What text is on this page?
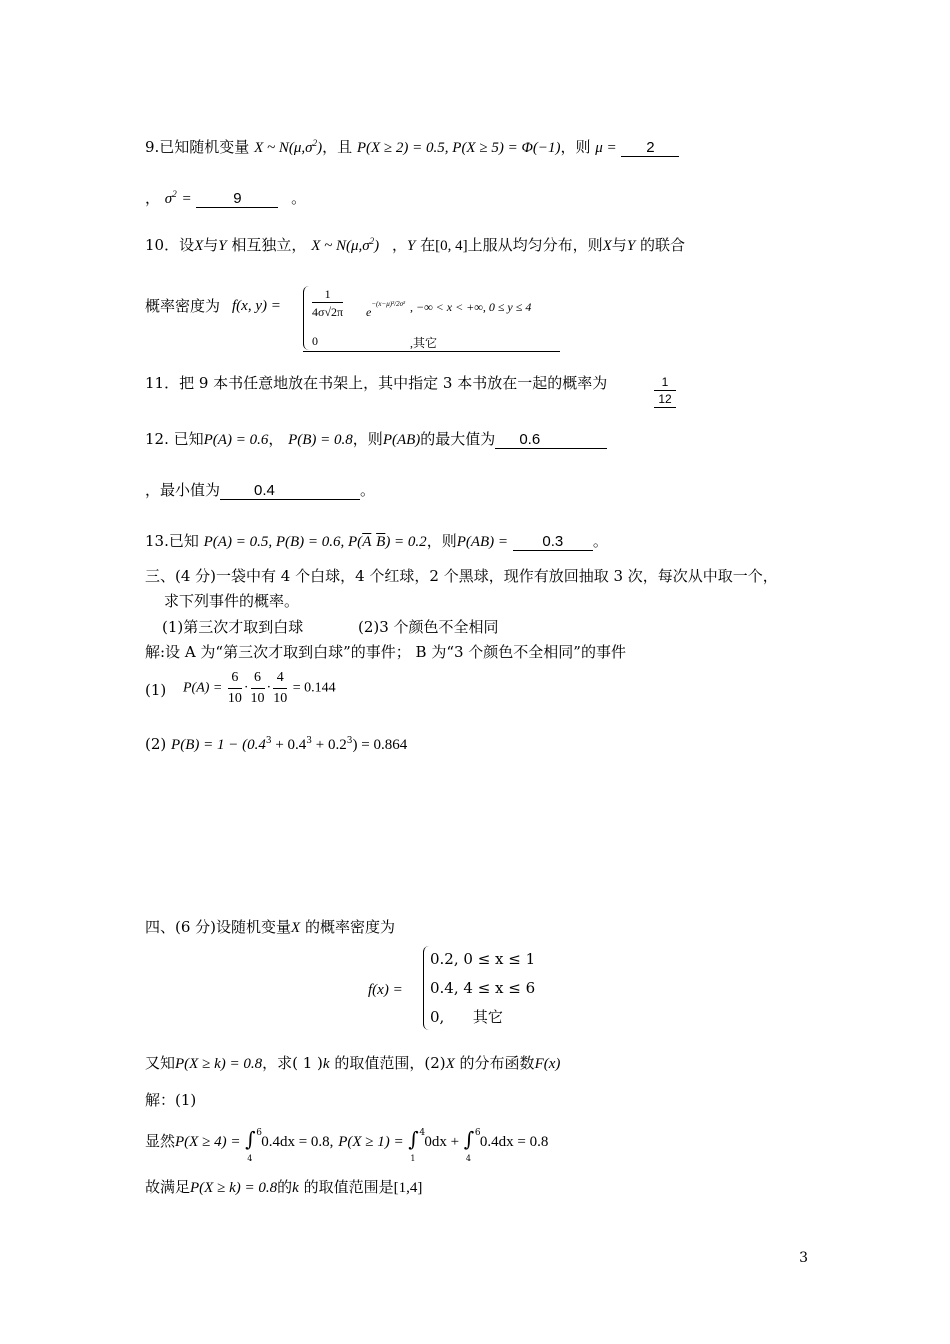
9.已知随机变量 X ~ $N(\mu,\sigma^2)$，且 P(X ≥ 2) = 0.5, P(X ≥ 5) = Φ(−1)，则 μ = 2
， $\sigma^2$ =	9	。
10．设X与Y 相互独立， X ~ $N(\mu,\sigma^2)$ ，Y 在[0, 4]上服从均匀分布，则X与Y 的联合
概率密度为 f(x, y) =	$\frac{1}{4\sigma√2\pi} e^{-(x-\mu)^2/2\sigma^2}$ , −∞ < x < +∞, 0 ≤ y ≤ 4
0	,其它
11．把 9 本书任意地放在书架上，其中指定 3 本书放在一起的概率为	$\frac{1}{12}$
12. 已知P(A) = 0.6， P(B) = 0.8，则P(AB)的最大值为 0.6
，最小值为 0.4	。
13.已知 P(A) = 0.5, P(B) = 0.6, $P(\overline{A}$ $\overline{B}) = 0.2$，则P(AB) = 0.3 。
三、(4 分)一袋中有 4 个白球，4 个红球，2 个黑球，现作有放回抽取 3 次，每次从中取一个，
求下列事件的概率。
(1)第三次才取到白球	(2)3 个颜色不全相同
解:设 A 为“第三次才取到白球”的事件； B 为“3 个颜色不全相同”的事件
(1) $P(A) = \frac{6}{10} \cdot \frac{6}{10} \cdot \frac{4}{10} = 0.144$
(2) $P(B) = 1 - (0.4^3 + 0.4^3 + 0.2^3) = 0.864$
四、(6 分)设随机变量X 的概率密度为
f(x) =
0.2, 0 ≤ x ≤ 1
0.4, 4 ≤ x ≤ 6
0,      其它
又知P(X ≥ k) = 0.8，求( 1 )k 的取值范围，(2)X 的分布函数F(x)
解：(1)
显然P(X ≥ 4) = ∫ 6
4
0.4dx = 0.8, P(X ≥ 1) = ∫ 4
1
0dx + ∫ 6
4
0.4dx = 0.8
故满足P(X ≥ k) = 0.8的k 的取值范围是[1,4]
3
